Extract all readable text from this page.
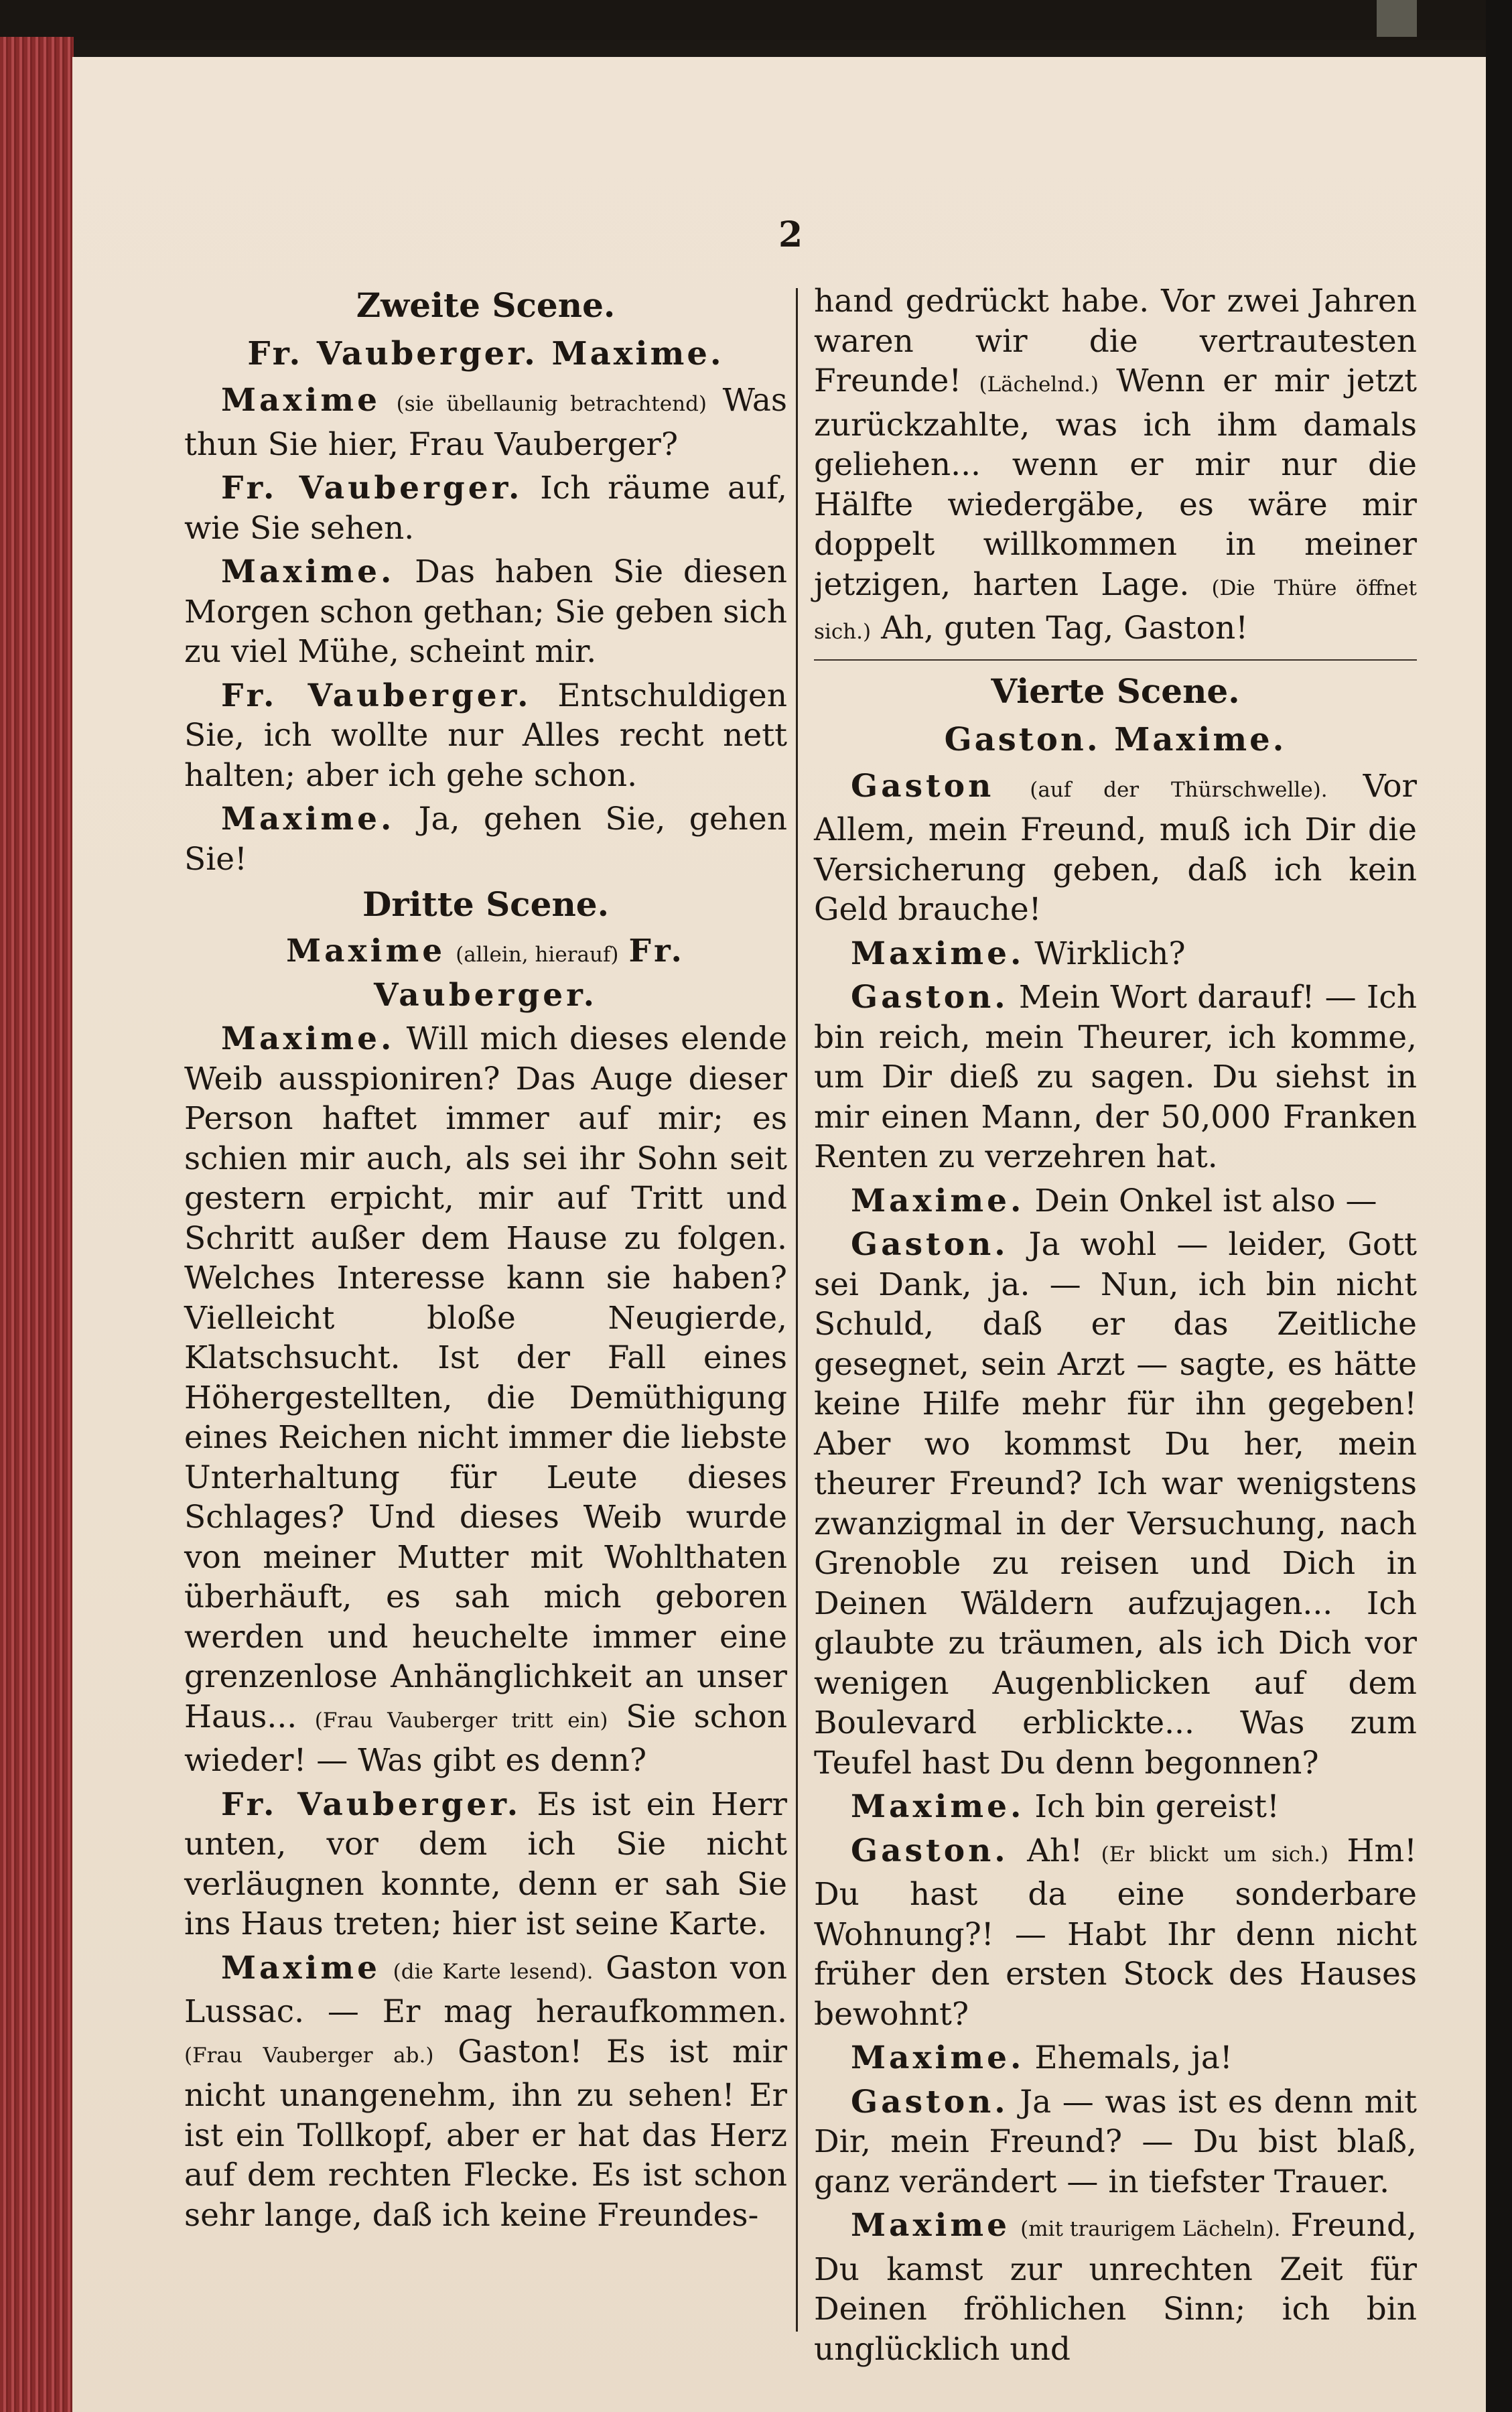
2
Zweite Scene.
Fr. Vauberger. Maxime.

Maxime (sie übellaunig betrachtend) Was thun Sie hier, Frau Vauberger?

Fr. Vauberger. Ich räume auf, wie Sie sehen.

Maxime. Das haben Sie diesen Morgen schon gethan; Sie geben sich zu viel Mühe, scheint mir.

Fr. Vauberger. Entschuldigen Sie, ich wollte nur Alles recht nett halten; aber ich gehe schon.

Maxime. Ja, gehen Sie, gehen Sie!

Dritte Scene.

Maxime (allein, hierauf) Fr. Vauberger.

Maxime. Will mich dieses elende Weib ausspioniren? Das Auge dieser Person haftet immer auf mir; es schien mir auch, als sei ihr Sohn seit gestern erpicht, mir auf Tritt und Schritt außer dem Hause zu folgen. Welches Interesse kann sie haben? Vielleicht bloße Neugierde, Klatschsucht. Ist der Fall eines Höhergestellten, die Demüthigung eines Reichen nicht immer die liebste Unterhaltung für Leute dieses Schlages? Und dieses Weib wurde von meiner Mutter mit Wohlthaten überhäuft, es sah mich geboren werden und heuchelte immer eine grenzenlose Anhänglichkeit an unser Haus... (Frau Vauberger tritt ein) Sie schon wieder! — Was gibt es denn?

Fr. Vauberger. Es ist ein Herr unten, vor dem ich Sie nicht verläugnen konnte, denn er sah Sie ins Haus treten; hier ist seine Karte.

Maxime (die Karte lesend). Gaston von Lussac. — Er mag heraufkommen. (Frau Vauberger ab.) Gaston! Es ist mir nicht unangenehm, ihn zu sehen! Er ist ein Tollkopf, aber er hat das Herz auf dem rechten Flecke. Es ist schon sehr lange, daß ich keine Freundes-

hand gedrückt habe. Vor zwei Jahren waren wir die vertrautesten Freunde! (Lächelnd.) Wenn er mir jetzt zurückzahlte, was ich ihm damals geliehen... wenn er mir nur die Hälfte wiedergäbe, es wäre mir doppelt willkommen in meiner jetzigen, harten Lage. (Die Thüre öffnet sich.) Ah, guten Tag, Gaston!

Vierte Scene.
Gaston. Maxime.

Gaston (auf der Thürschwelle). Vor Allem, mein Freund, muß ich Dir die Versicherung geben, daß ich kein Geld brauche!

Maxime. Wirklich?

Gaston. Mein Wort darauf! — Ich bin reich, mein Theurer, ich komme, um Dir dieß zu sagen. Du siehst in mir einen Mann, der 50,000 Franken Renten zu verzehren hat.

Maxime. Dein Onkel ist also —

Gaston. Ja wohl — leider, Gott sei Dank, ja. — Nun, ich bin nicht Schuld, daß er das Zeitliche gesegnet, sein Arzt — sagte, es hätte keine Hilfe mehr für ihn gegeben! Aber wo kommst Du her, mein theurer Freund? Ich war wenigstens zwanzigmal in der Versuchung, nach Grenoble zu reisen und Dich in Deinen Wäldern aufzujagen... Ich glaubte zu träumen, als ich Dich vor wenigen Augenblicken auf dem Boulevard erblickte... Was zum Teufel hast Du denn begonnen?

Maxime. Ich bin gereist!

Gaston. Ah! (Er blickt um sich.) Hm! Du hast da eine sonderbare Wohnung?! — Habt Ihr denn nicht früher den ersten Stock des Hauses bewohnt?

Maxime. Ehemals, ja!

Gaston. Ja — was ist es denn mit Dir, mein Freund? — Du bist blaß, ganz verändert — in tiefster Trauer.

Maxime (mit traurigem Lächeln). Freund, Du kamst zur unrechten Zeit für Deinen fröhlichen Sinn; ich bin unglücklich und
